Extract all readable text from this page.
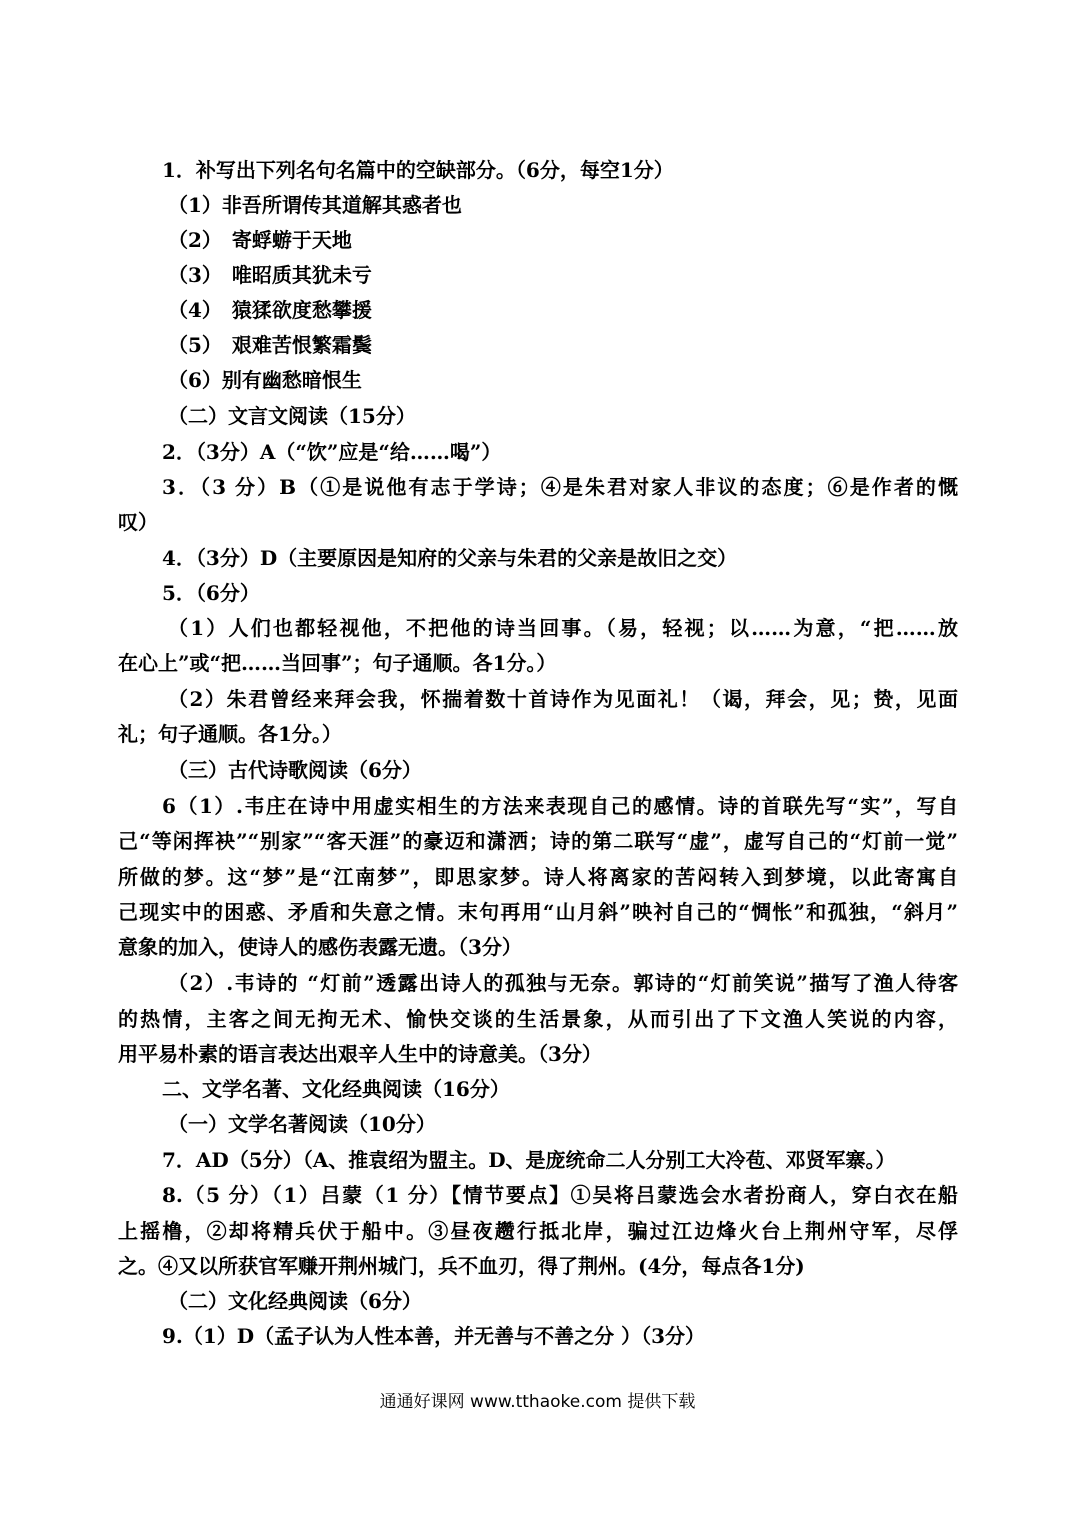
1．补写出下列名句名篇中的空缺部分。（6分，每空1分）
（1）非吾所谓传其道解其惑者也
（2）　寄蜉蝣于天地
（3）　唯昭质其犹未亏
（4）　猿猱欲度愁攀援
（5）　艰难苦恨繁霜鬓
（6）别有幽愁暗恨生
（二）文言文阅读（15分）
2．（3分）A（“饮”应是“给……喝”）
3．（3 分）B（①是说他有志于学诗；④是朱君对家人非议的态度；⑥是作者的慨
叹）
4．（3分）D（主要原因是知府的父亲与朱君的父亲是故旧之交）
5．（6分）
（1）人们也都轻视他，不把他的诗当回事。（易，轻视；以……为意，“把……放
在心上”或“把……当回事”；句子通顺。各1分。）
（2）朱君曾经来拜会我，怀揣着数十首诗作为见面礼！（谒，拜会，见；贽，见面
礼；句子通顺。各1分。）
（三）古代诗歌阅读（6分）
6（1）.韦庄在诗中用虚实相生的方法来表现自己的感情。诗的首联先写“实”，写自
己“等闲挥袂”“别家”“客天涯”的豪迈和潇洒；诗的第二联写“虚”，虚写自己的“灯前一觉”
所做的梦。这“梦”是“江南梦”，即思家梦。诗人将离家的苦闷转入到梦境，以此寄寓自
己现实中的困惑、矛盾和失意之情。末句再用“山月斜”映衬自己的“惆怅”和孤独，“斜月”
意象的加入，使诗人的感伤表露无遗。（3分）
（2）.韦诗的 “灯前”透露出诗人的孤独与无奈。郭诗的“灯前笑说”描写了渔人待客
的热情，主客之间无拘无术、愉快交谈的生活景象，从而引出了下文渔人笑说的内容，
用平易朴素的语言表达出艰辛人生中的诗意美。（3分）
二、文学名著、文化经典阅读（16分）
（一）文学名著阅读（10分）
7．AD（5分）（A、推袁绍为盟主。D、是庞统命二人分别工大冷苞、邓贤军寨。）
8.（5 分）（1）吕蒙（1 分）【情节要点】①吴将吕蒙选会水者扮商人，穿白衣在船
上摇橹，②却将精兵伏于船中。③昼夜趱行抵北岸，骗过江边烽火台上荆州守军，尽俘
之。④又以所获官军赚开荆州城门，兵不血刃，得了荆州。(4分，每点各1分)
（二）文化经典阅读（6分）
9.（1）D（孟子认为人性本善，并无善与不善之分 ）（3分）
通通好课网 www.tthaoke.com 提供下载
